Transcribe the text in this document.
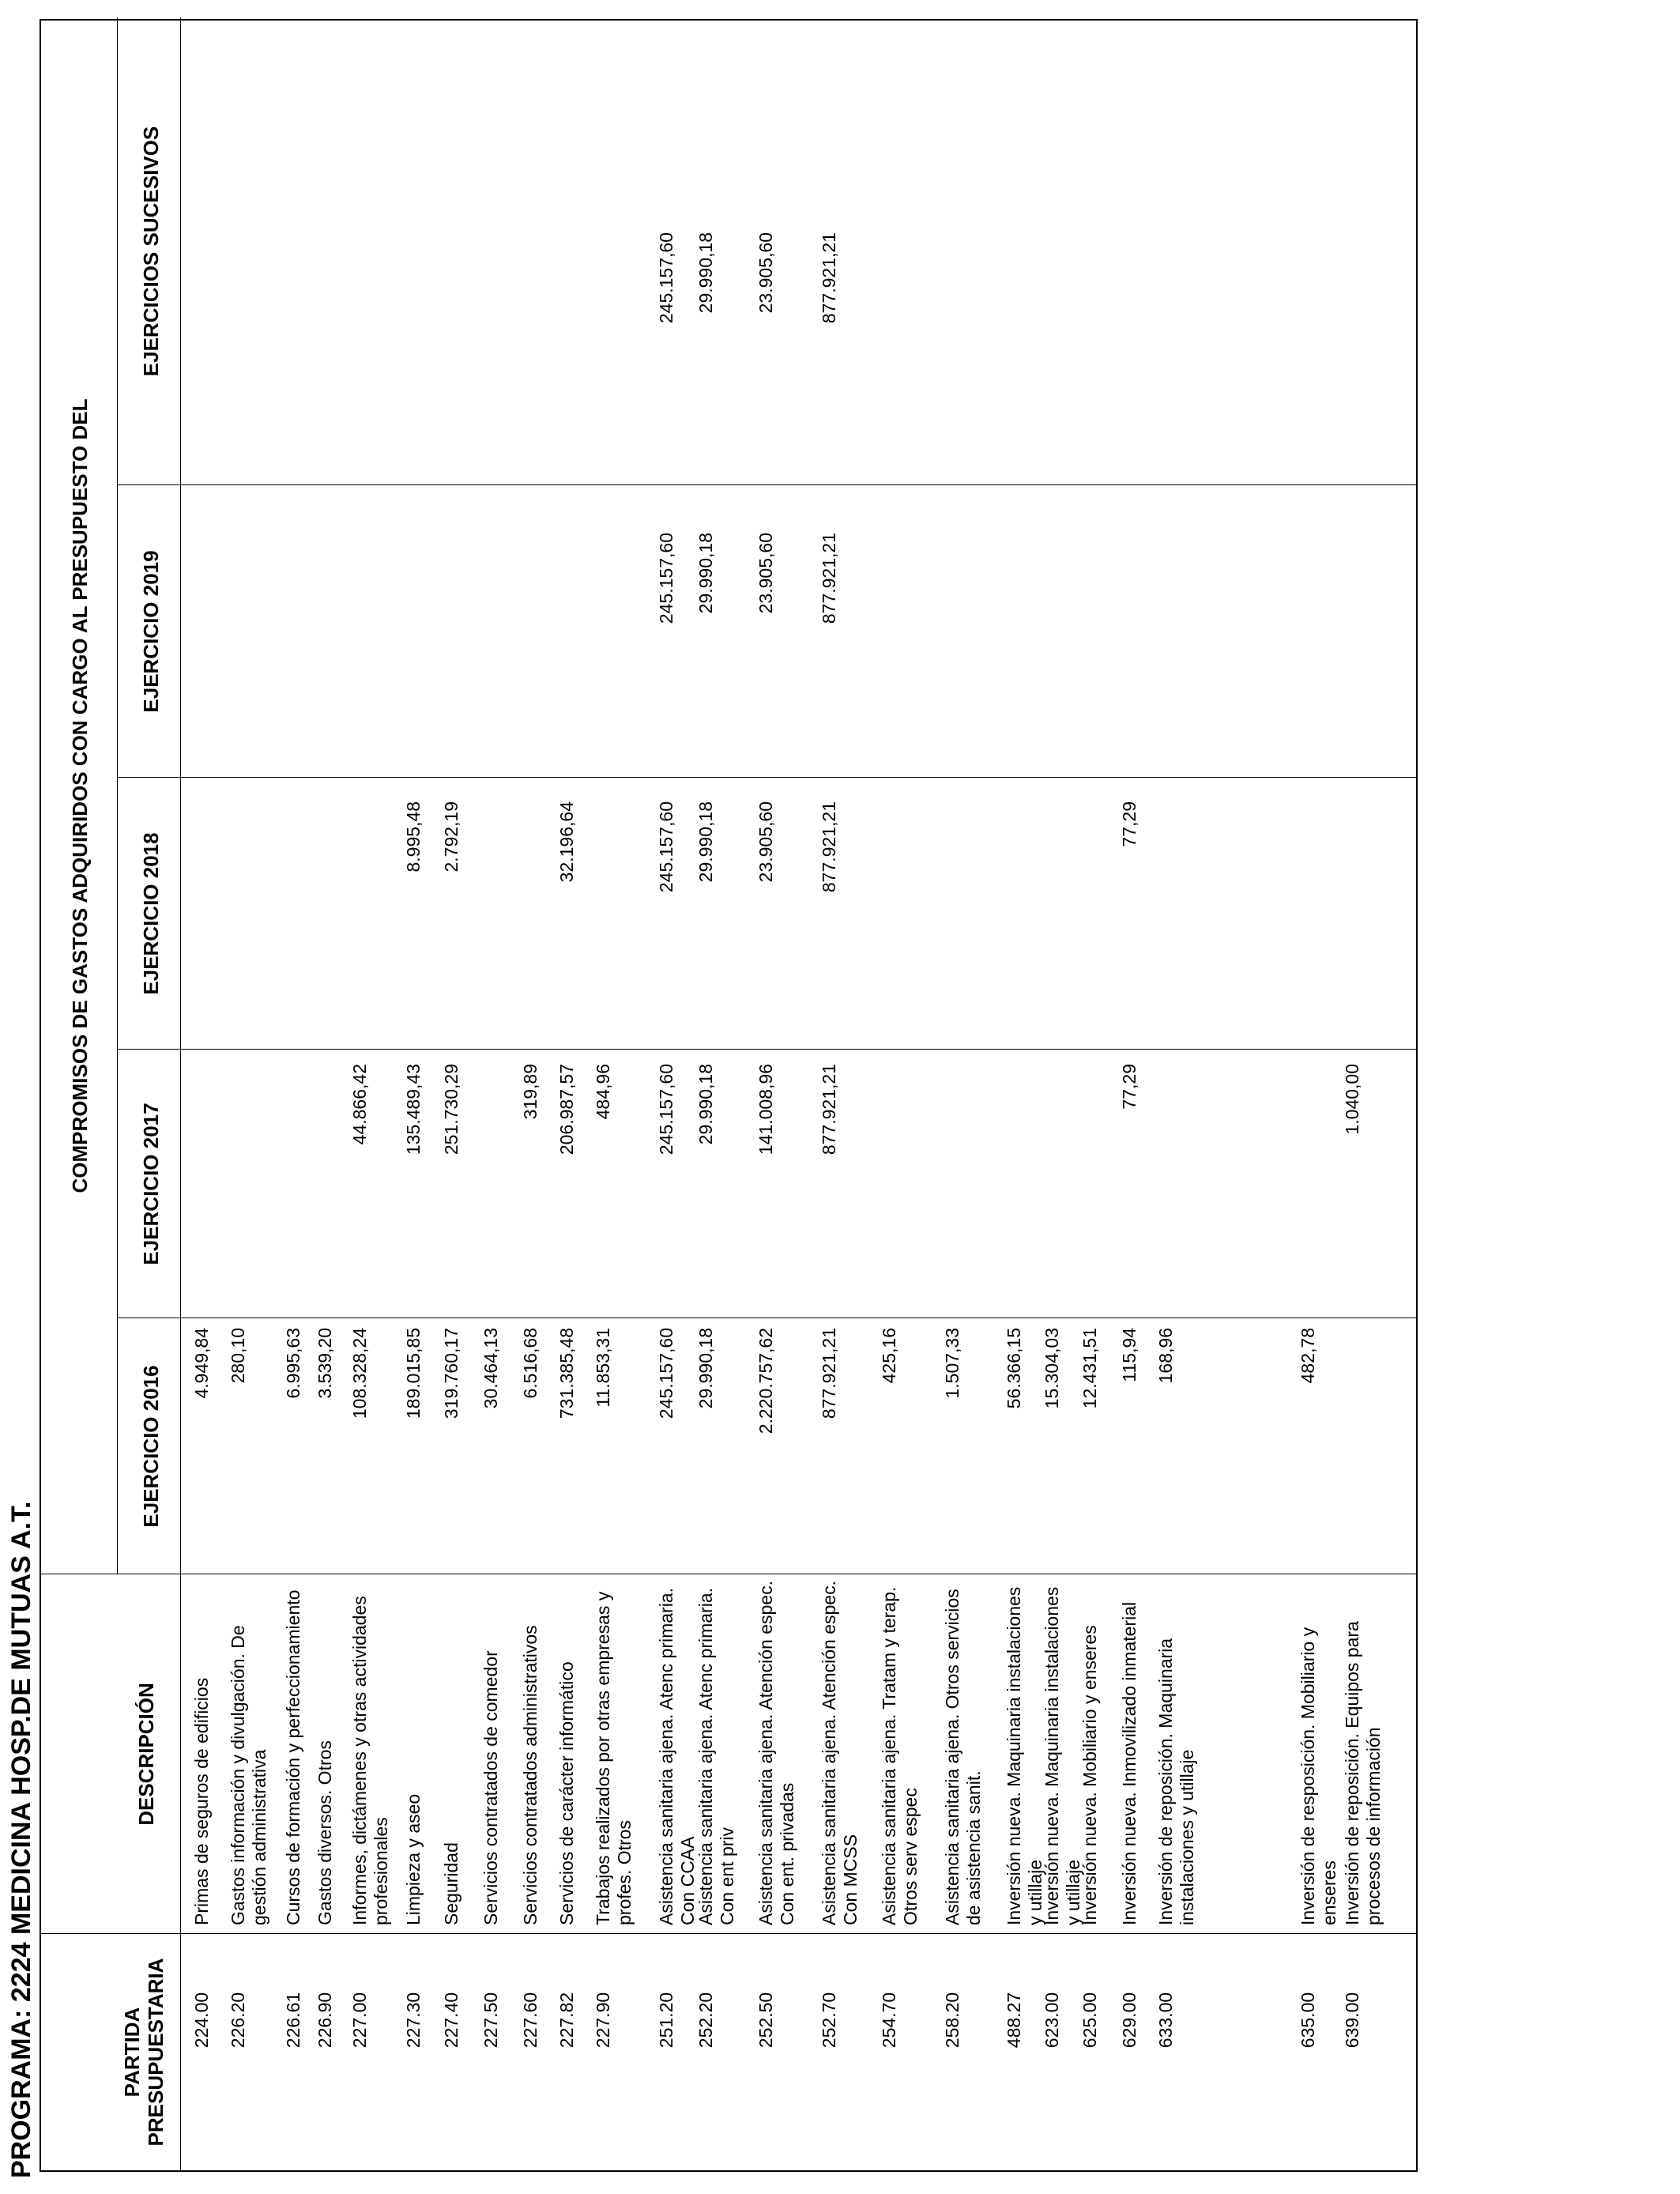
PROGRAMA: 2224 MEDICINA HOSP.DE MUTUAS A.T.	PARTIDA PRESUPUESTARIA
DESCRIPCIÓN
COMPROMISOS DE GASTOS ADQUIRIDOS CON CARGO AL PRESUPUESTO DEL
EJERCICIO 2016
EJERCICIO 2017
EJERCICIO 2018
EJERCICIO 2019
EJERCICIOS SUCESIVOS
224.00
Primas de seguros de edificios
4.949,84
226.20
Gastos información y divulgación. De gestión administrativa
280,10
226.61
Cursos de formación y perfeccionamiento
6.995,63
226.90
Gastos diversos. Otros
3.539,20
227.00
Informes, dictámenes y otras actividades profesionales
108.328,24
44.866,42
227.30
Limpieza y aseo
189.015,85
135.489,43
8.995,48
227.40
Seguridad
319.760,17
251.730,29
2.792,19
227.50
Servicios contratados de comedor
30.464,13
227.60
Servicios contratados administrativos
6.516,68
319,89
227.82
Servicios de carácter informático
731.385,48
206.987,57
32.196,64
227.90
Trabajos realizados por otras empresas y profes. Otros
11.853,31
484,96
251.20
Asistencia sanitaria ajena. Atenc primaria. Con CCAA
245.157,60
245.157,60
245.157,60
245.157,60
245.157,60
252.20
Asistencia sanitaria ajena. Atenc primaria. Con ent priv
29.990,18
29.990,18
29.990,18
29.990,18
29.990,18
252.50
Asistencia sanitaria ajena. Atención espec. Con ent. privadas
2.220.757,62
141.008,96
23.905,60
23.905,60
23.905,60
252.70
Asistencia sanitaria ajena. Atención espec. Con MCSS
877.921,21
877.921,21
877.921,21
877.921,21
877.921,21
254.70
Asistencia sanitaria ajena. Tratam y terap. Otros serv espec
425,16
258.20
Asistencia sanitaria ajena. Otros servicios de asistencia sanit.
1.507,33
488.27
Inversión nueva. Maquinaria instalaciones y utillaje
56.366,15
623.00
Inversión nueva. Maquinaria instalaciones y utillaje
15.304,03
625.00
Inversión nueva. Mobiliario y enseres
12.431,51
629.00
Inversión nueva. Inmovilizado inmaterial
115,94
77,29
77,29
633.00
Inversión de reposición. Maquinaria instalaciones y utillaje
168,96
635.00
Inversión de resposición. Mobiliario y enseres
482,78
639.00
Inversión de reposición. Equipos para procesos de información
1.040,00
